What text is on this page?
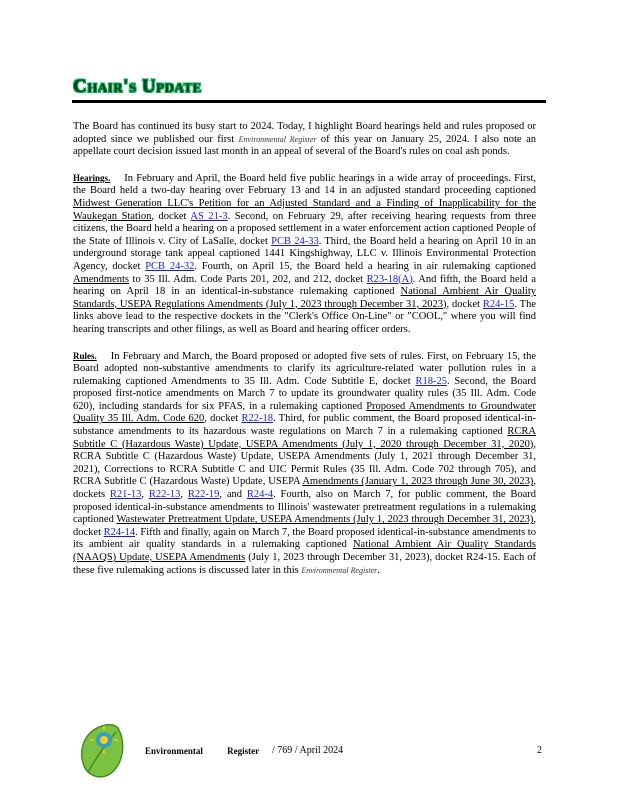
Chair's Update

The Board has continued its busy start to 2024. Today, I highlight Board hearings held and rules proposed or adopted since we published our first Environmental Register of this year on January 25, 2024. I also note an appellate court decision issued last month in an appeal of several of the Board's rules on coal ash ponds.

Hearings. In February and April, the Board held five public hearings in a wide array of proceedings. First, the Board held a two-day hearing over February 13 and 14 in an adjusted standard proceeding captioned Midwest Generation LLC's Petition for an Adjusted Standard and a Finding of Inapplicability for the Waukegan Station, docket AS 21-3. Second, on February 29, after receiving hearing requests from three citizens, the Board held a hearing on a proposed settlement in a water enforcement action captioned People of the State of Illinois v. City of LaSalle, docket PCB 24-33. Third, the Board held a hearing on April 10 in an underground storage tank appeal captioned 1441 Kingshighway, LLC v. Illinois Environmental Protection Agency, docket PCB 24-32. Fourth, on April 15, the Board held a hearing in air rulemaking captioned Amendments to 35 Ill. Adm. Code Parts 201, 202, and 212, docket R23-18(A). And fifth, the Board held a hearing on April 18 in an identical-in-substance rulemaking captioned National Ambient Air Quality Standards, USEPA Regulations Amendments (July 1, 2023 through December 31, 2023), docket R24-15. The links above lead to the respective dockets in the "Clerk's Office On-Line" or "COOL," where you will find hearing transcripts and other filings, as well as Board and hearing officer orders.

Rules. In February and March, the Board proposed or adopted five sets of rules. First, on February 15, the Board adopted non-substantive amendments to clarify its agriculture-related water pollution rules in a rulemaking captioned Amendments to 35 Ill. Adm. Code Subtitle E, docket R18-25. Second, the Board proposed first-notice amendments on March 7 to update its groundwater quality rules (35 Ill. Adm. Code 620), including standards for six PFAS, in a rulemaking captioned Proposed Amendments to Groundwater Quality 35 Ill. Adm. Code 620, docket R22-18. Third, for public comment, the Board proposed identical-in-substance amendments to its hazardous waste regulations on March 7 in a rulemaking captioned RCRA Subtitle C (Hazardous Waste) Update, USEPA Amendments (July 1, 2020 through December 31, 2020), RCRA Subtitle C (Hazardous Waste) Update, USEPA Amendments (July 1, 2021 through December 31, 2021), Corrections to RCRA Subtitle C and UIC Permit Rules (35 Ill. Adm. Code 702 through 705), and RCRA Subtitle C (Hazardous Waste) Update, USEPA Amendments (January 1, 2023 through June 30, 2023), dockets R21-13, R22-13, R22-19, and R24-4. Fourth, also on March 7, for public comment, the Board proposed identical-in-substance amendments to Illinois' wastewater pretreatment regulations in a rulemaking captioned Wastewater Pretreatment Update, USEPA Amendments (July 1, 2023 through December 31, 2023), docket R24-14. Fifth and finally, again on March 7, the Board proposed identical-in-substance amendments to its ambient air quality standards in a rulemaking captioned National Ambient Air Quality Standards (NAAQS) Update, USEPA Amendments (July 1, 2023 through December 31, 2023), docket R24-15. Each of these five rulemaking actions is discussed later in this Environmental Register.

Environmental Register / 769 / April 2024	2
